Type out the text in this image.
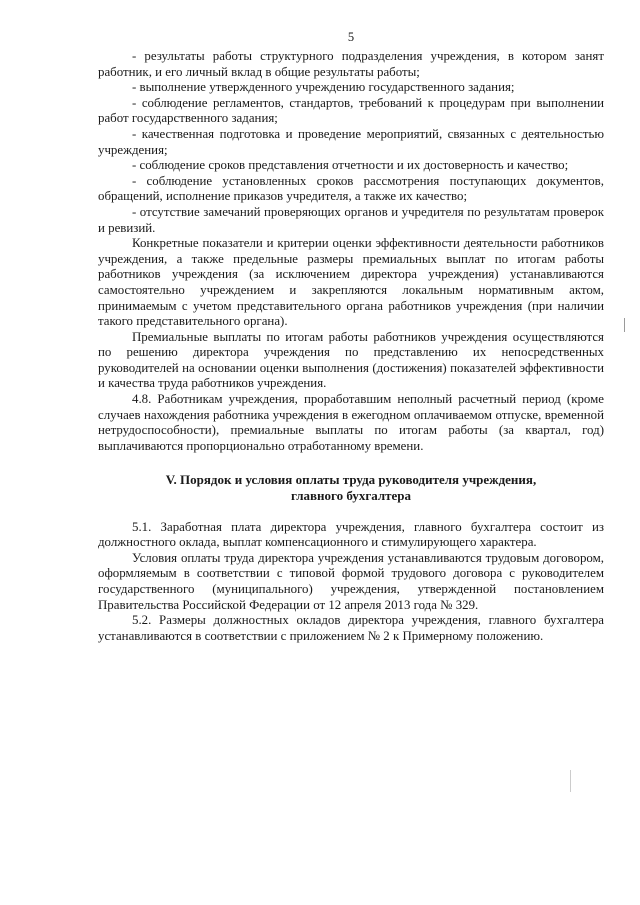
5

- результаты работы структурного подразделения учреждения, в котором занят работник, и его личный вклад в общие результаты работы;

- выполнение утвержденного учреждению государственного задания;

- соблюдение регламентов, стандартов, требований к процедурам при выполнении работ государственного задания;

- качественная подготовка и проведение мероприятий, связанных с деятельностью учреждения;

- соблюдение сроков представления отчетности и их достоверность и качество;

- соблюдение установленных сроков рассмотрения поступающих документов, обращений, исполнение приказов учредителя, а также их качество;

- отсутствие замечаний проверяющих органов и учредителя по результатам проверок и ревизий.

Конкретные показатели и критерии оценки эффективности деятельности работников учреждения, а также предельные размеры премиальных выплат по итогам работы работников учреждения (за исключением директора учреждения) устанавливаются самостоятельно учреждением и закрепляются локальным нормативным актом, принимаемым с учетом представительного органа работников учреждения (при наличии такого представительного органа).

Премиальные выплаты по итогам работы работников учреждения осуществляются по решению директора учреждения по представлению их непосредственных руководителей на основании оценки выполнения (достижения) показателей эффективности и качества труда работников учреждения.

4.8. Работникам учреждения, проработавшим неполный расчетный период (кроме случаев нахождения работника учреждения в ежегодном оплачиваемом отпуске, временной нетрудоспособности), премиальные выплаты по итогам работы (за квартал, год) выплачиваются пропорционально отработанному времени.

V. Порядок и условия оплаты труда руководителя учреждения,
главного бухгалтера

5.1. Заработная плата директора учреждения, главного бухгалтера состоит из должностного оклада, выплат компенсационного и стимулирующего характера.

Условия оплаты труда директора учреждения устанавливаются трудовым договором, оформляемым в соответствии с типовой формой трудового договора с руководителем государственного (муниципального) учреждения, утвержденной постановлением Правительства Российской Федерации от 12 апреля 2013 года № 329.

5.2. Размеры должностных окладов директора учреждения, главного бухгалтера устанавливаются в соответствии с приложением № 2 к Примерному положению.
